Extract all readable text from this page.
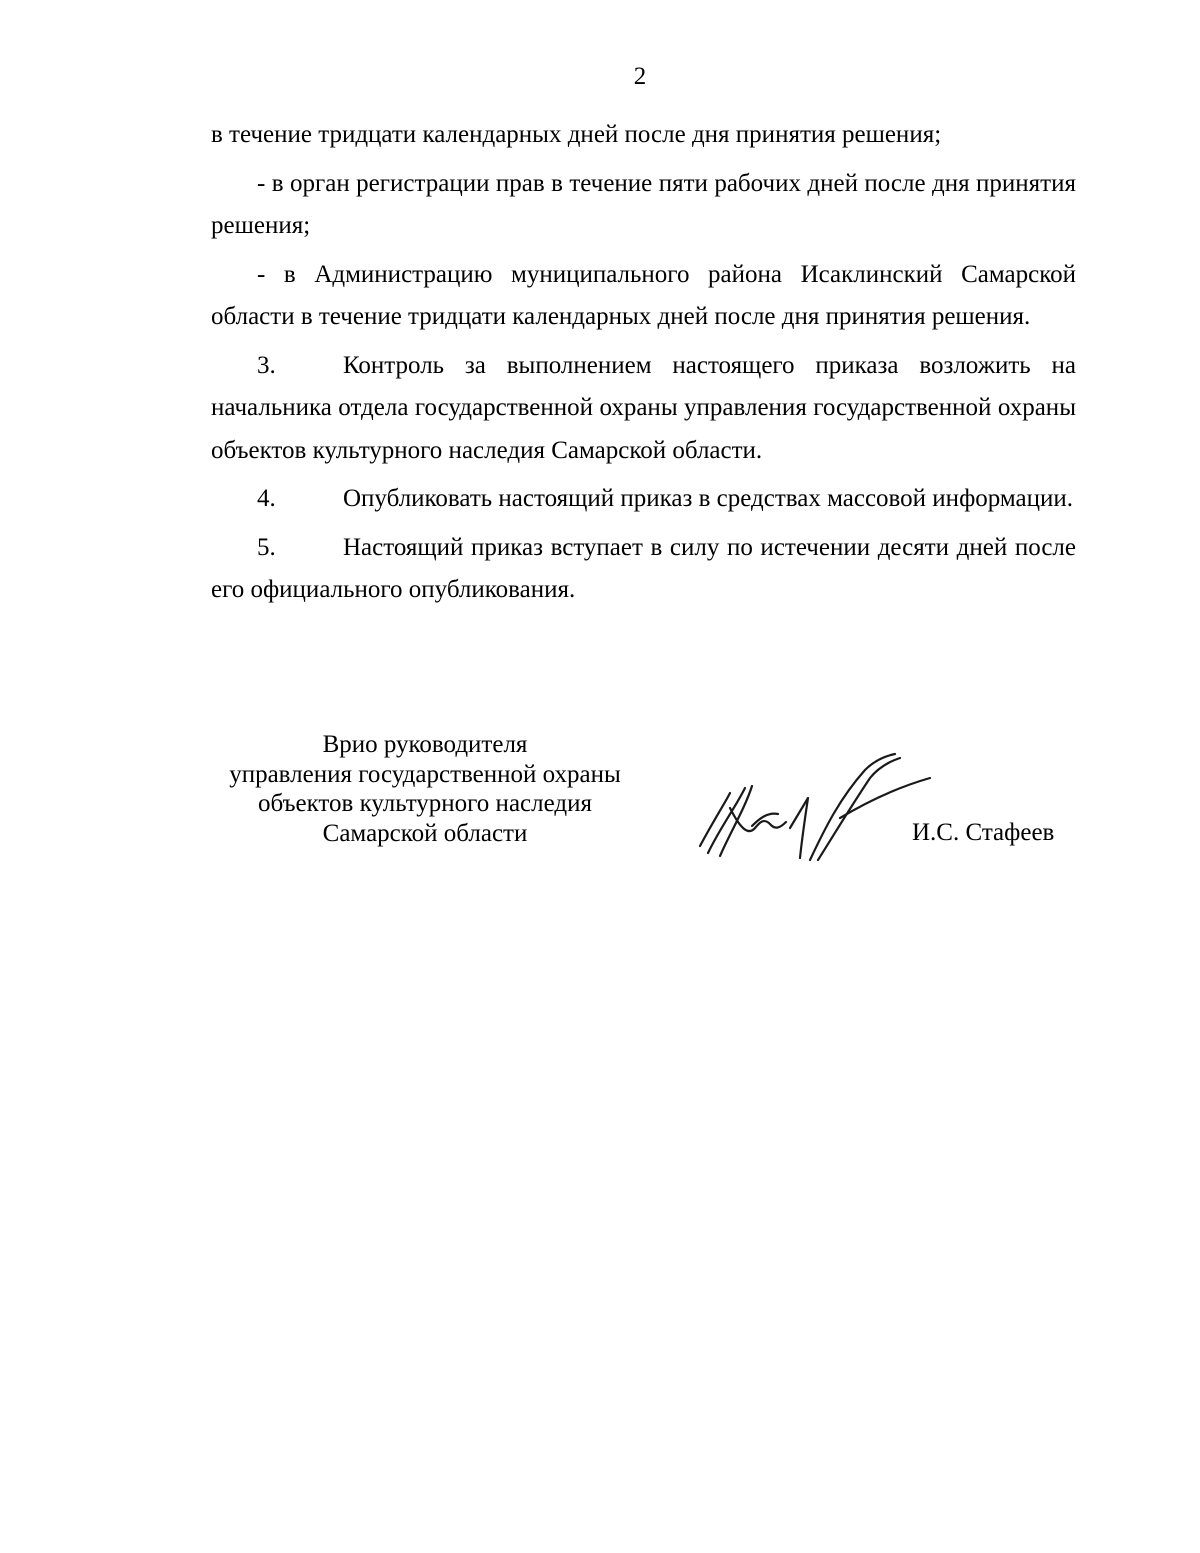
2

в течение тридцати календарных дней после дня принятия решения;

- в орган регистрации прав в течение пяти рабочих дней после дня принятия решения;

- в Администрацию муниципального района Исаклинский Самарской области в течение тридцати календарных дней после дня принятия решения.

3.	Контроль за выполнением настоящего приказа возложить на начальника отдела государственной охраны управления государственной охраны объектов культурного наследия Самарской области.

4.	Опубликовать настоящий приказ в средствах массовой информации.

5.	Настоящий приказ вступает в силу по истечении десяти дней после его официального опубликования.

Врио руководителя
управления государственной охраны
объектов культурного наследия
Самарской области	И.С. Стафеев
